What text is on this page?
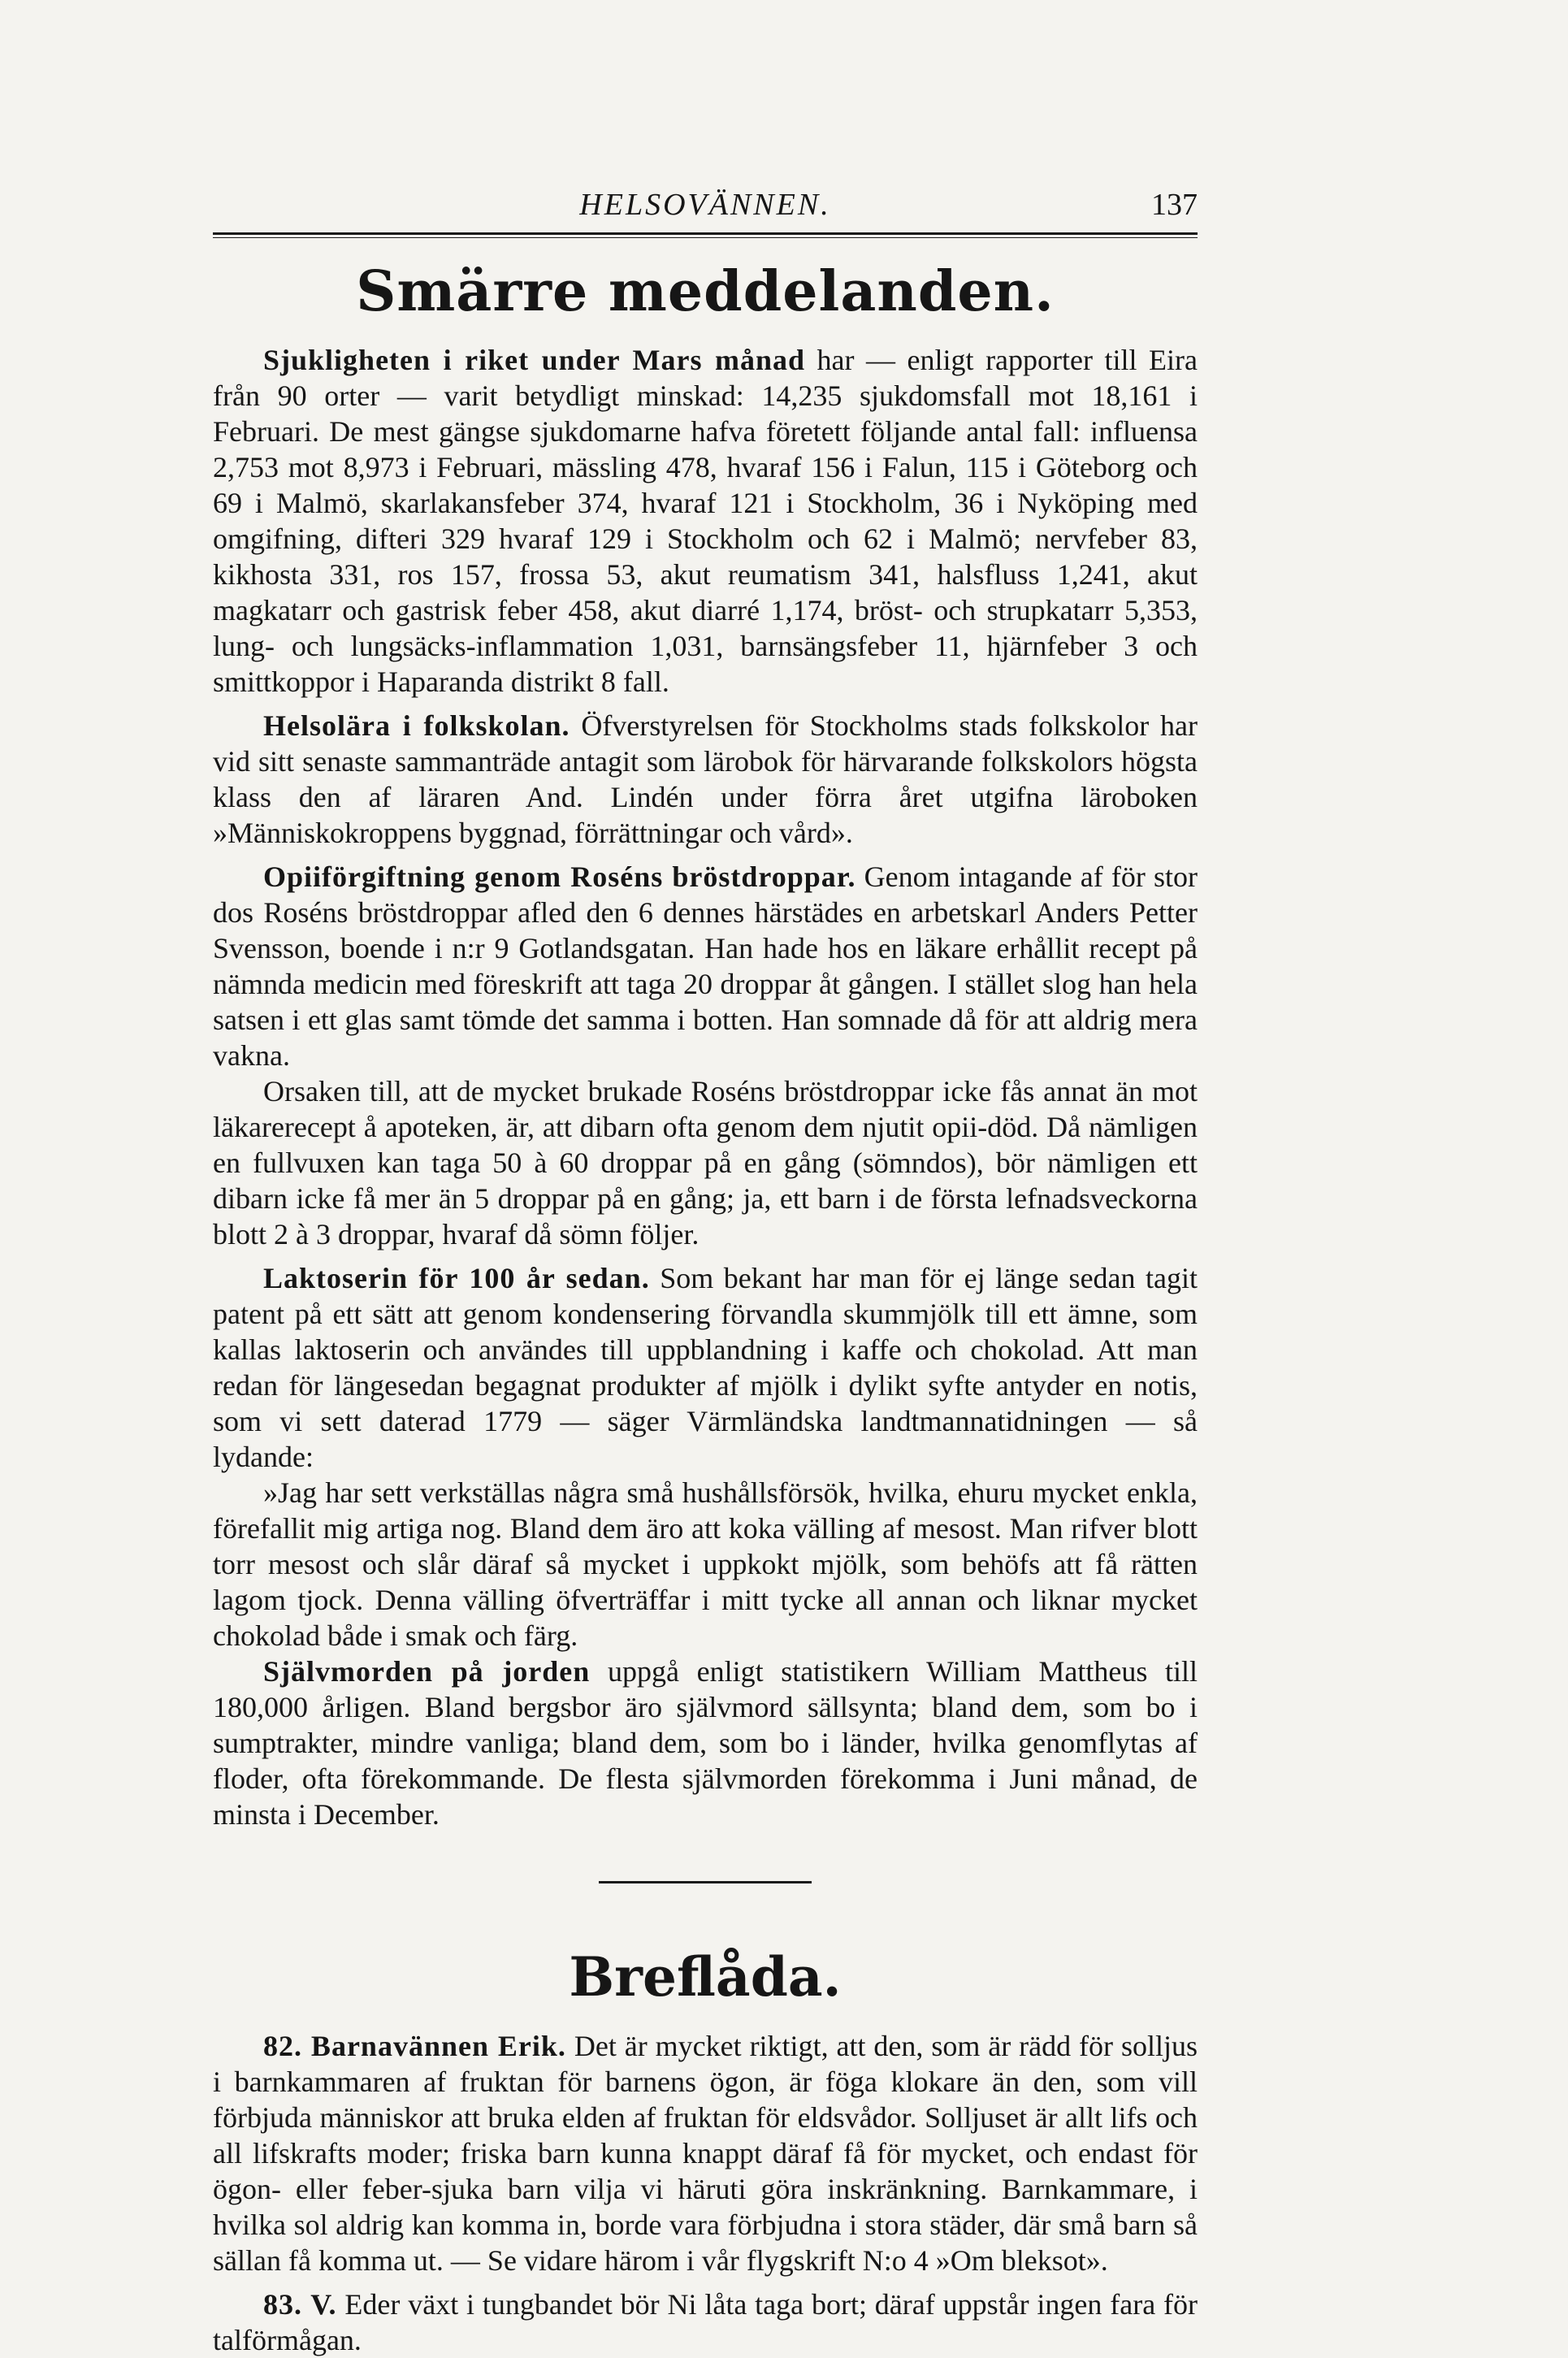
HELSOVÄNNEN.	137
Smärre meddelanden.

Sjukligheten i riket under Mars månad har — enligt rapporter till Eira från 90 orter — varit betydligt minskad: 14,235 sjukdomsfall mot 18,161 i Februari. De mest gängse sjukdomarne hafva företett följande antal fall: influensa 2,753 mot 8,973 i Februari, mässling 478, hvaraf 156 i Falun, 115 i Göteborg och 69 i Malmö, skarlakansfeber 374, hvaraf 121 i Stockholm, 36 i Nyköping med omgifning, difteri 329 hvaraf 129 i Stockholm och 62 i Malmö; nervfeber 83, kikhosta 331, ros 157, frossa 53, akut reumatism 341, halsfluss 1,241, akut magkatarr och gastrisk feber 458, akut diarré 1,174, bröst- och strupkatarr 5,353, lung- och lungsäcks-inflammation 1,031, barnsängsfeber 11, hjärnfeber 3 och smittkoppor i Haparanda distrikt 8 fall.

Helsolära i folkskolan. Öfverstyrelsen för Stockholms stads folkskolor har vid sitt senaste sammanträde antagit som lärobok för härvarande folkskolors högsta klass den af läraren And. Lindén under förra året utgifna läroboken »Människokroppens byggnad, förrättningar och vård».

Opiiförgiftning genom Roséns bröstdroppar. Genom intagande af för stor dos Roséns bröstdroppar afled den 6 dennes härstädes en arbetskarl Anders Petter Svensson, boende i n:r 9 Gotlandsgatan. Han hade hos en läkare erhållit recept på nämnda medicin med föreskrift att taga 20 droppar åt gången. I stället slog han hela satsen i ett glas samt tömde det samma i botten. Han somnade då för att aldrig mera vakna.

Orsaken till, att de mycket brukade Roséns bröstdroppar icke fås annat än mot läkarerecept å apoteken, är, att dibarn ofta genom dem njutit opii-död. Då nämligen en fullvuxen kan taga 50 à 60 droppar på en gång (sömndos), bör nämligen ett dibarn icke få mer än 5 droppar på en gång; ja, ett barn i de första lefnadsveckorna blott 2 à 3 droppar, hvaraf då sömn följer.

Laktoserin för 100 år sedan. Som bekant har man för ej länge sedan tagit patent på ett sätt att genom kondensering förvandla skummjölk till ett ämne, som kallas laktoserin och användes till uppblandning i kaffe och chokolad. Att man redan för längesedan begagnat produkter af mjölk i dylikt syfte antyder en notis, som vi sett daterad 1779 — säger Värmländska landtmannatidningen — så lydande:

»Jag har sett verkställas några små hushållsförsök, hvilka, ehuru mycket enkla, förefallit mig artiga nog. Bland dem äro att koka välling af mesost. Man rifver blott torr mesost och slår däraf så mycket i uppkokt mjölk, som behöfs att få rätten lagom tjock. Denna välling öfverträffar i mitt tycke all annan och liknar mycket chokolad både i smak och färg.

Självmorden på jorden uppgå enligt statistikern William Mattheus till 180,000 årligen. Bland bergsbor äro självmord sällsynta; bland dem, som bo i sumptrakter, mindre vanliga; bland dem, som bo i länder, hvilka genomflytas af floder, ofta förekommande. De flesta självmorden förekomma i Juni månad, de minsta i December.

Breflåda.

82. Barnavännen Erik. Det är mycket riktigt, att den, som är rädd för solljus i barnkammaren af fruktan för barnens ögon, är föga klokare än den, som vill förbjuda människor att bruka elden af fruktan för eldsvådor. Solljuset är allt lifs och all lifskrafts moder; friska barn kunna knappt däraf få för mycket, och endast för ögon- eller feber-sjuka barn vilja vi häruti göra inskränkning. Barnkammare, i hvilka sol aldrig kan komma in, borde vara förbjudna i stora städer, där små barn så sällan få komma ut. — Se vidare härom i vår flygskrift N:o 4 »Om bleksot».

83. V. Eder växt i tungbandet bör Ni låta taga bort; däraf uppstår ingen fara för talförmågan.
